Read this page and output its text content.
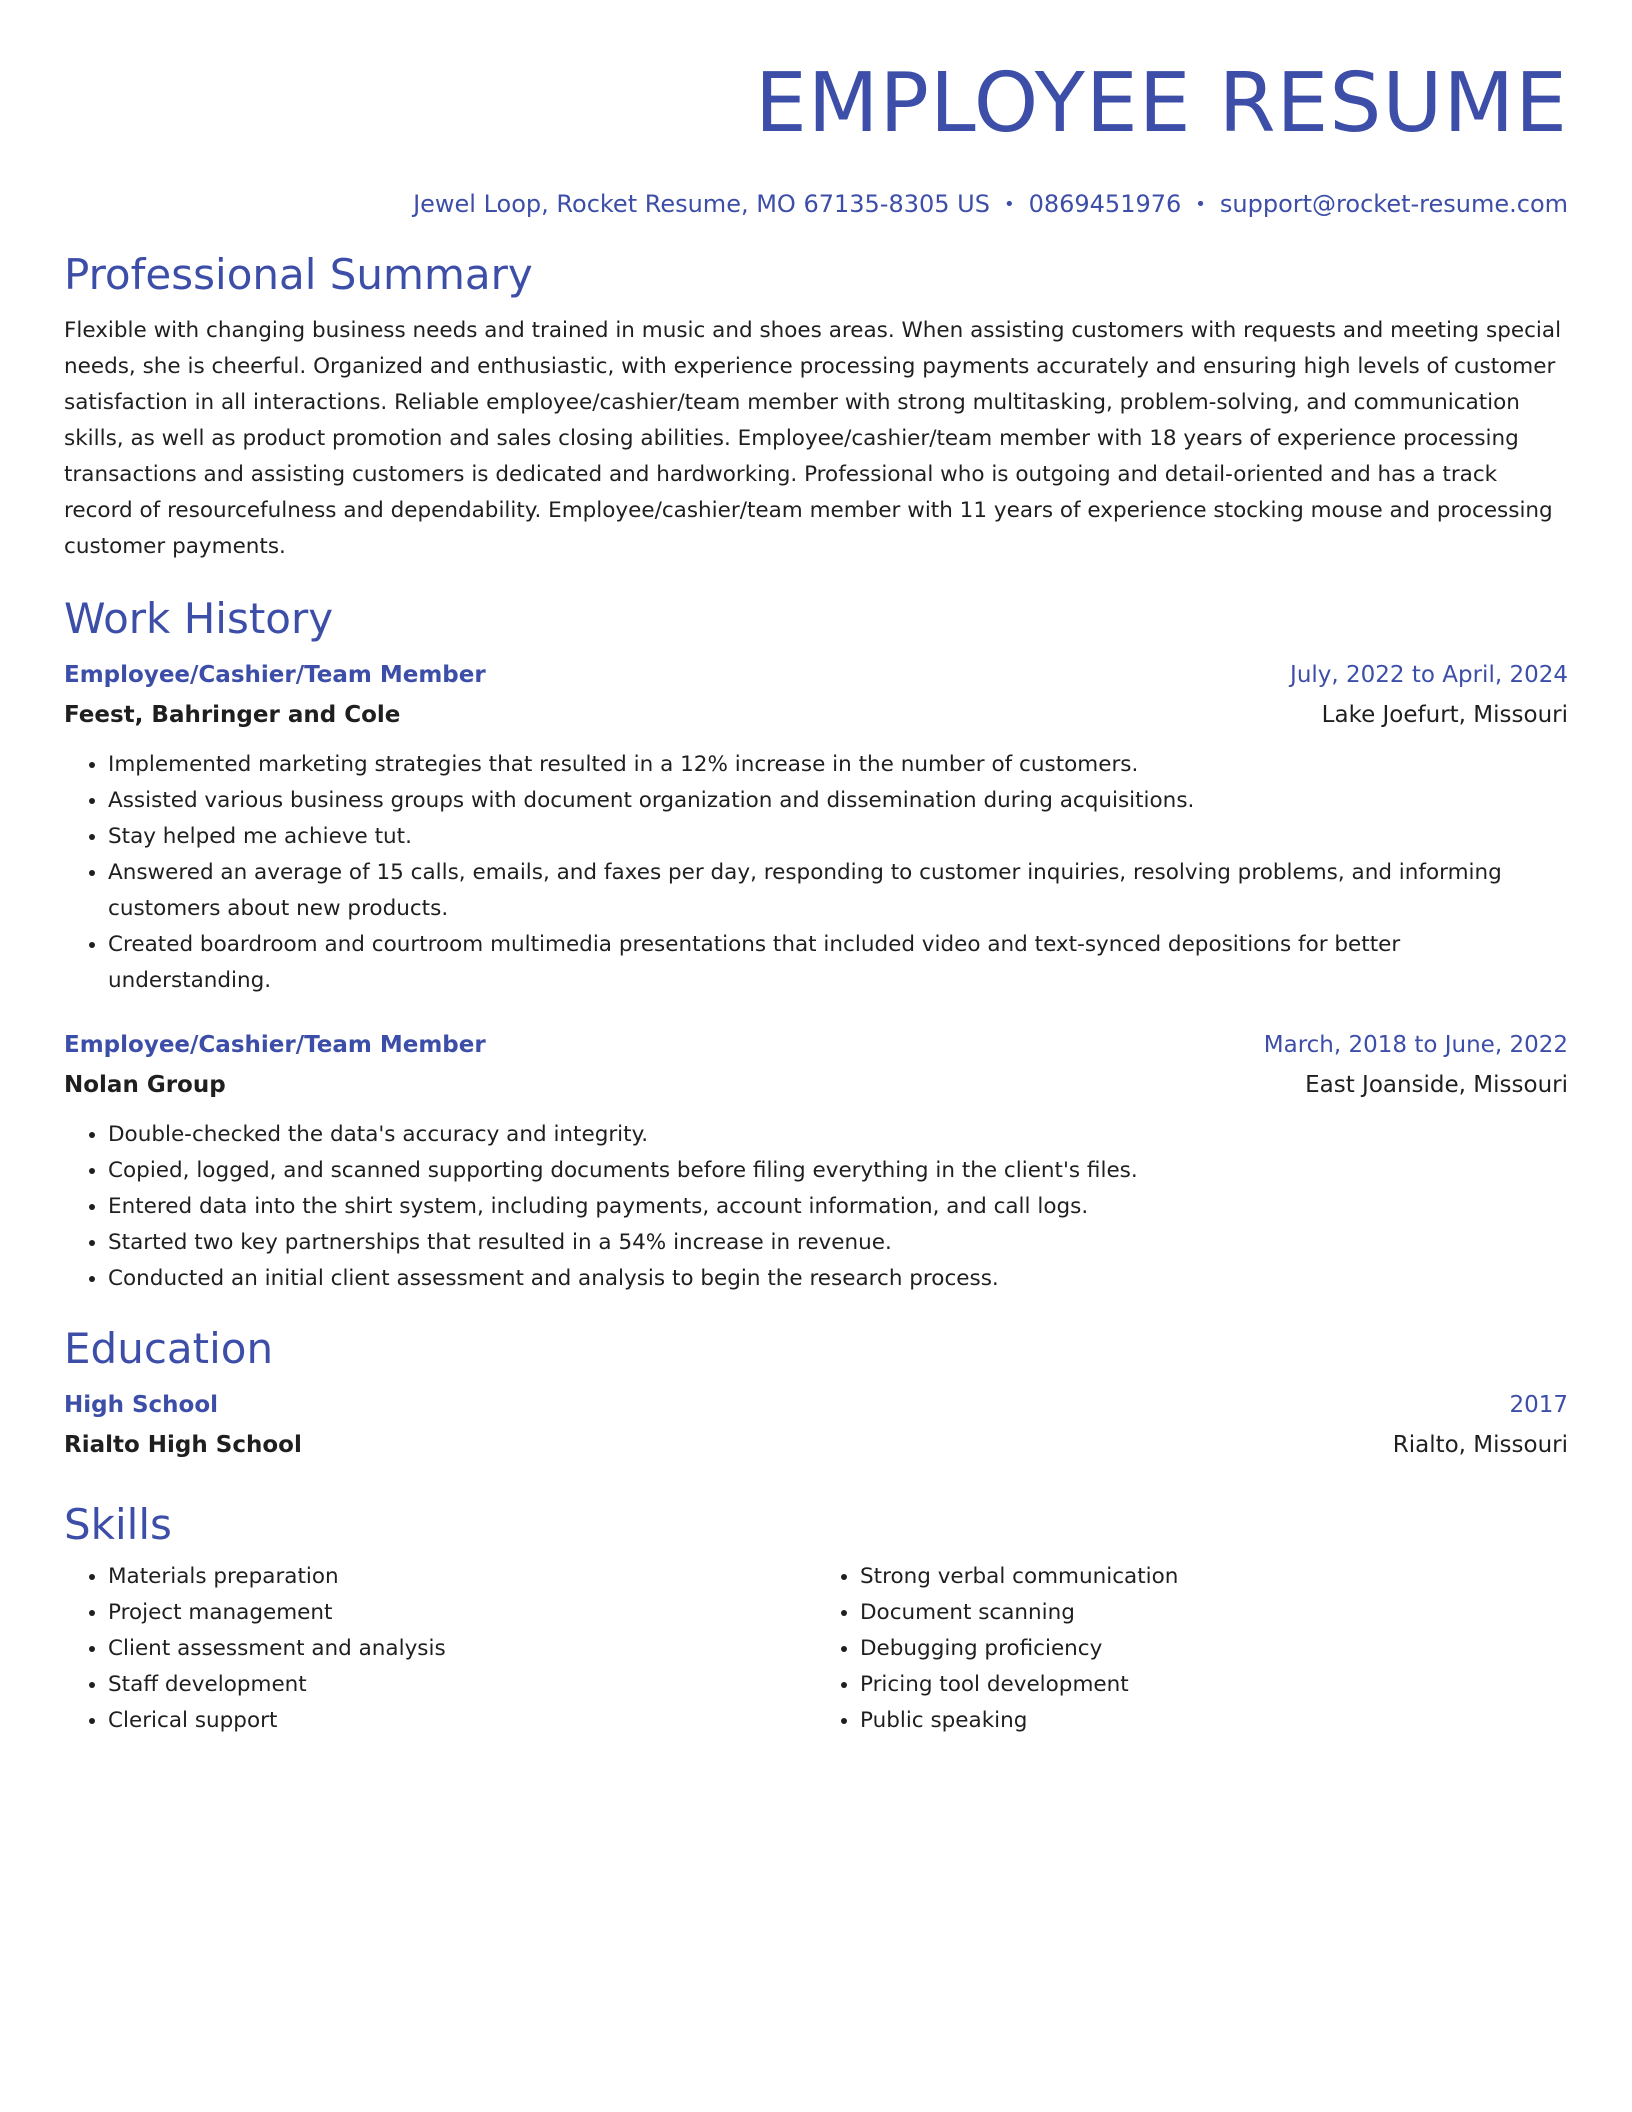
EMPLOYEE RESUME
Jewel Loop, Rocket Resume, MO 67135-8305 US • 0869451976 • support@rocket-resume.com
Professional Summary

Flexible with changing business needs and trained in music and shoes areas. When assisting customers with requests and meeting special needs, she is cheerful. Organized and enthusiastic, with experience processing payments accurately and ensuring high levels of customer satisfaction in all interactions. Reliable employee/cashier/team member with strong multitasking, problem-solving, and communication skills, as well as product promotion and sales closing abilities. Employee/cashier/team member with 18 years of experience processing transactions and assisting customers is dedicated and hardworking. Professional who is outgoing and detail-oriented and has a track record of resourcefulness and dependability. Employee/cashier/team member with 11 years of experience stocking mouse and processing customer payments.

Work History
Employee/Cashier/Team Member	July, 2022 to April, 2024
Feest, Bahringer and Cole	Lake Joefurt, Missouri
• Implemented marketing strategies that resulted in a 12% increase in the number of customers.
• Assisted various business groups with document organization and dissemination during acquisitions.
• Stay helped me achieve tut.
• Answered an average of 15 calls, emails, and faxes per day, responding to customer inquiries, resolving problems, and informing customers about new products.
• Created boardroom and courtroom multimedia presentations that included video and text-synced depositions for better understanding.
Employee/Cashier/Team Member	March, 2018 to June, 2022
Nolan Group	East Joanside, Missouri
• Double-checked the data's accuracy and integrity.
• Copied, logged, and scanned supporting documents before filing everything in the client's files.
• Entered data into the shirt system, including payments, account information, and call logs.
• Started two key partnerships that resulted in a 54% increase in revenue.
• Conducted an initial client assessment and analysis to begin the research process.
Education
High School	2017
Rialto High School	Rialto, Missouri
Skills
• Materials preparation
• Project management
• Client assessment and analysis
• Staff development
• Clerical support
• Strong verbal communication
• Document scanning
• Debugging proficiency
• Pricing tool development
• Public speaking
